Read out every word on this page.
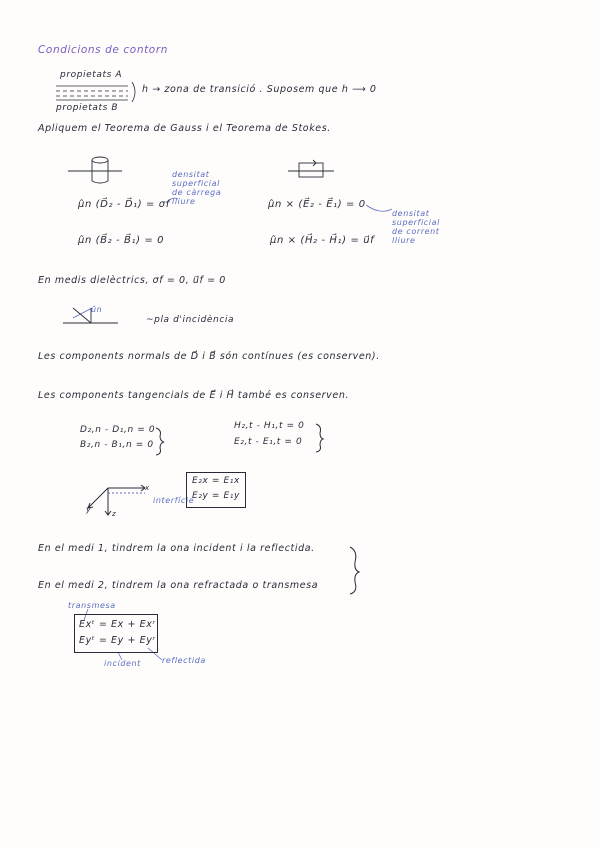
Condicions de contorn
propietats A
propietats B
h → zona de transició . Suposem que h ⟶ 0
Apliquem el Teorema de Gauss i el Teorema de Stokes.
densitat superficial de càrrega lliure
densitat superficial de corrent lliure
μ̂n (D⃗₂ - D⃗₁) = σf
μ̂n (B⃗₂ - B⃗₁) = 0
μ̂n × (E⃗₂ - E⃗₁) = 0
μ̂n × (H⃗₂ - H⃗₁) = u⃗f
En medis dielèctrics, σf = 0, u⃗f = 0
ûn
~pla d'incidència
Les components normals de D⃗ i B⃗ són contínues (es conserven).
Les components tangencials de E⃗ i H⃗ també es conserven.
D₂,n - D₁,n = 0
B₂,n - B₁,n = 0
H₂,t - H₁,t = 0
E₂,t - E₁,t = 0
interfície
x
y	z
E₂x = E₁x
E₂y = E₁y
En el medi 1, tindrem la ona incident i la reflectida.
En el medi 2, tindrem la ona refractada o transmesa
transmesa
Exᵗ = Ex + Exʳ
Eyᵗ = Ey + Eyʳ
incident	reflectida
